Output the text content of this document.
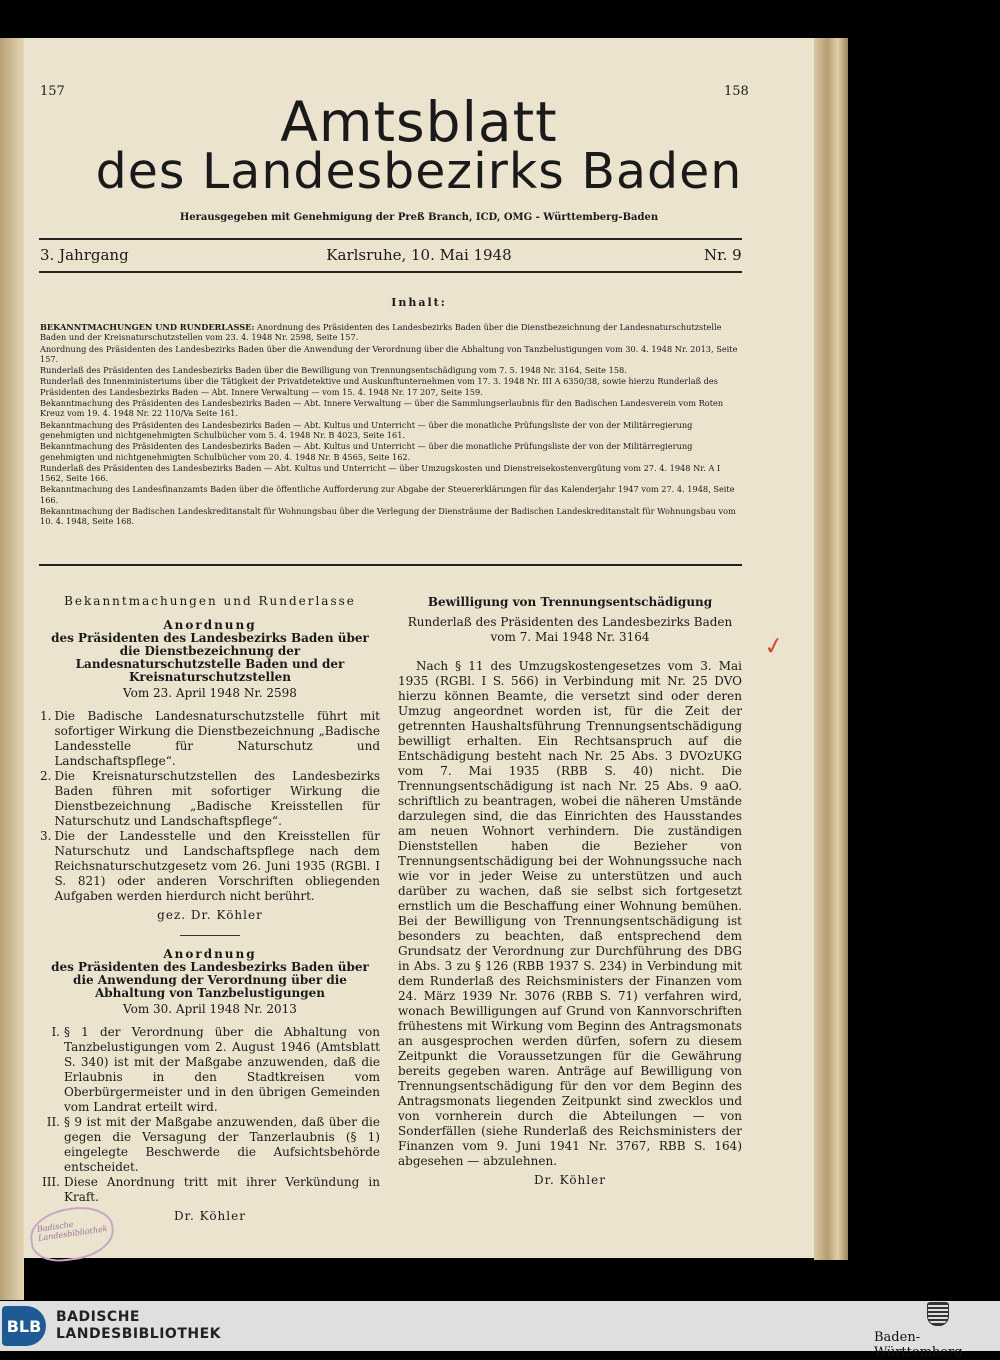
157	158
Amtsblatt
des Landesbezirks Baden
Herausgegeben mit Genehmigung der Preß Branch, ICD, OMG - Württemberg-Baden
3. Jahrgang	Karlsruhe, 10. Mai 1948	Nr. 9
Inhalt:
BEKANNTMACHUNGEN UND RUNDERLASSE: Anordnung des Präsidenten des Landesbezirks Baden über die Dienstbezeichnung der Landesnaturschutzstelle Baden und der Kreisnaturschutzstellen vom 23. 4. 1948 Nr. 2598, Seite 157.
Anordnung des Präsidenten des Landesbezirks Baden über die Anwendung der Verordnung über die Abhaltung von Tanzbelustigungen vom 30. 4. 1948 Nr. 2013, Seite 157.
Runderlaß des Präsidenten des Landesbezirks Baden über die Bewilligung von Trennungsentschädigung vom 7. 5. 1948 Nr. 3164, Seite 158.
Runderlaß des Innenministeriums über die Tätigkeit der Privatdetektive und Auskunftunternehmen vom 17. 3. 1948 Nr. III A 6350/38, sowie hierzu Runderlaß des Präsidenten des Landesbezirks Baden — Abt. Innere Verwaltung — vom 15. 4. 1948 Nr. 17 207, Seite 159.
Bekanntmachung des Präsidenten des Landesbezirks Baden — Abt. Innere Verwaltung — über die Sammlungserlaubnis für den Badischen Landesverein vom Roten Kreuz vom 19. 4. 1948 Nr. 22 110/Va Seite 161.
Bekanntmachung des Präsidenten des Landesbezirks Baden — Abt. Kultus und Unterricht — über die monatliche Prüfungsliste der von der Militärregierung genehmigten und nichtgenehmigten Schulbücher vom 5. 4. 1948 Nr. B 4023, Seite 161.
Bekanntmachung des Präsidenten des Landesbezirks Baden — Abt. Kultus und Unterricht — über die monatliche Prüfungsliste der von der Militärregierung genehmigten und nichtgenehmigten Schulbücher vom 20. 4. 1948 Nr. B 4565, Seite 162.
Runderlaß des Präsidenten des Landesbezirks Baden — Abt. Kultus und Unterricht — über Umzugskosten und Dienstreisekostenvergütung vom 27. 4. 1948 Nr. A I 1562, Seite 166.
Bekanntmachung des Landesfinanzamts Baden über die öffentliche Aufforderung zur Abgabe der Steuererklärungen für das Kalenderjahr 1947 vom 27. 4. 1948, Seite 166.
Bekanntmachung der Badischen Landeskreditanstalt für Wohnungsbau über die Verlegung der Diensträume der Badischen Landeskreditanstalt für Wohnungsbau vom 10. 4. 1948, Seite 168.
Bekanntmachungen und Runderlasse
Anordnung
des Präsidenten des Landesbezirks Baden über die Dienstbezeichnung der Landesnaturschutzstelle Baden und der Kreisnaturschutzstellen
Vom 23. April 1948 Nr. 2598
1. Die Badische Landesnaturschutzstelle führt mit sofortiger Wirkung die Dienstbezeichnung „Badische Landesstelle für Naturschutz und Landschaftspflege“.
2. Die Kreisnaturschutzstellen des Landesbezirks Baden führen mit sofortiger Wirkung die Dienstbezeichnung „Badische Kreisstellen für Naturschutz und Landschaftspflege“.
3. Die der Landesstelle und den Kreisstellen für Naturschutz und Landschaftspflege nach dem Reichsnaturschutzgesetz vom 26. Juni 1935 (RGBl. I S. 821) oder anderen Vorschriften obliegenden Aufgaben werden hierdurch nicht berührt.
gez. Dr. Köhler
Anordnung
des Präsidenten des Landesbezirks Baden über die Anwendung der Verordnung über die Abhaltung von Tanzbelustigungen
Vom 30. April 1948 Nr. 2013
I. § 1 der Verordnung über die Abhaltung von Tanzbelustigungen vom 2. August 1946 (Amtsblatt S. 340) ist mit der Maßgabe anzuwenden, daß die Erlaubnis in den Stadtkreisen vom Oberbürgermeister und in den übrigen Gemeinden vom Landrat erteilt wird.
II. § 9 ist mit der Maßgabe anzuwenden, daß über die gegen die Versagung der Tanzerlaubnis (§ 1) eingelegte Beschwerde die Aufsichtsbehörde entscheidet.
III. Diese Anordnung tritt mit ihrer Verkündung in Kraft.
Dr. Köhler
Bewilligung von Trennungsentschädigung
Runderlaß des Präsidenten des Landesbezirks Baden
vom 7. Mai 1948 Nr. 3164

Nach § 11 des Umzugskostengesetzes vom 3. Mai 1935 (RGBl. I S. 566) in Verbindung mit Nr. 25 DVO hierzu können Beamte, die versetzt sind oder deren Umzug angeordnet worden ist, für die Zeit der getrennten Haushaltsführung Trennungsentschädigung bewilligt erhalten. Ein Rechtsanspruch auf die Entschädigung besteht nach Nr. 25 Abs. 3 DVOzUKG vom 7. Mai 1935 (RBB S. 40) nicht. Die Trennungsentschädigung ist nach Nr. 25 Abs. 9 aaO. schriftlich zu beantragen, wobei die näheren Umstände darzulegen sind, die das Einrichten des Hausstandes am neuen Wohnort verhindern. Die zuständigen Dienststellen haben die Bezieher von Trennungsentschädigung bei der Wohnungssuche nach wie vor in jeder Weise zu unterstützen und auch darüber zu wachen, daß sie selbst sich fortgesetzt ernstlich um die Beschaffung einer Wohnung bemühen. Bei der Bewilligung von Trennungsentschädigung ist besonders zu beachten, daß entsprechend dem Grundsatz der Verordnung zur Durchführung des DBG in Abs. 3 zu § 126 (RBB 1937 S. 234) in Verbindung mit dem Runderlaß des Reichsministers der Finanzen vom 24. März 1939 Nr. 3076 (RBB S. 71) verfahren wird, wonach Bewilligungen auf Grund von Kannvorschriften frühestens mit Wirkung vom Beginn des Antragsmonats an ausgesprochen werden dürfen, sofern zu diesem Zeitpunkt die Voraussetzungen für die Gewährung bereits gegeben waren. Anträge auf Bewilligung von Trennungsentschädigung für den vor dem Beginn des Antragsmonats liegenden Zeitpunkt sind zwecklos und von vornherein durch die Abteilungen — von Sonderfällen (siehe Runderlaß des Reichsministers der Finanzen vom 9. Juni 1941 Nr. 3767, RBB S. 164) abgesehen — abzulehnen.

Dr. Köhler
✓
Badische Landesbibliothek
BLB	BADISCHE
LANDESBIBLIOTHEK	Baden-Württemberg
